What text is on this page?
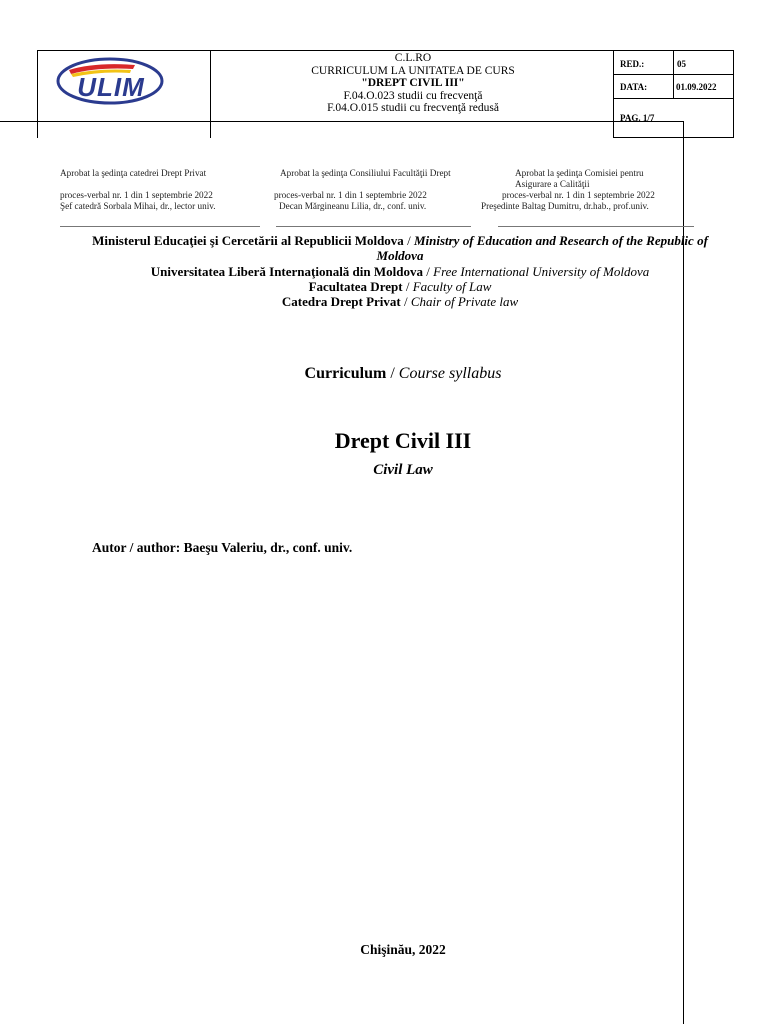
ULIM
C.L.RO
CURRICULUM LA UNITATEA DE CURS
"DREPT CIVIL III"
F.04.O.023 studii cu frecvenţă
F.04.O.015 studii cu frecvenţă redusă
RED.:	05
DATA:	01.09.2022
PAG. 1/7
Aprobat la şedinţa catedrei Drept Privat
proces-verbal nr. 1 din 1 septembrie 2022
Şef catedră Sorbala Mihai, dr., lector univ.
Aprobat la şedinţa Consiliului Facultăţii Drept
proces-verbal nr. 1 din 1 septembrie 2022
Decan Mărgineanu Lilia, dr., conf. univ.
Aprobat la şedinţa Comisiei pentru
Asigurare a Calităţii
proces-verbal nr. 1 din 1 septembrie 2022
Preşedinte Baltag Dumitru, dr.hab., prof.univ.
Ministerul Educaţiei şi Cercetării al Republicii Moldova / Ministry of Education and Research of the Republic of Moldova
Universitatea Liberă Internaţională din Moldova / Free International University of Moldova
Facultatea Drept / Faculty of Law
Catedra Drept Privat / Chair of Private law
Curriculum / Course syllabus
Drept Civil III
Civil Law
Autor / author: Baeşu Valeriu, dr., conf. univ.
Chişinău, 2022
